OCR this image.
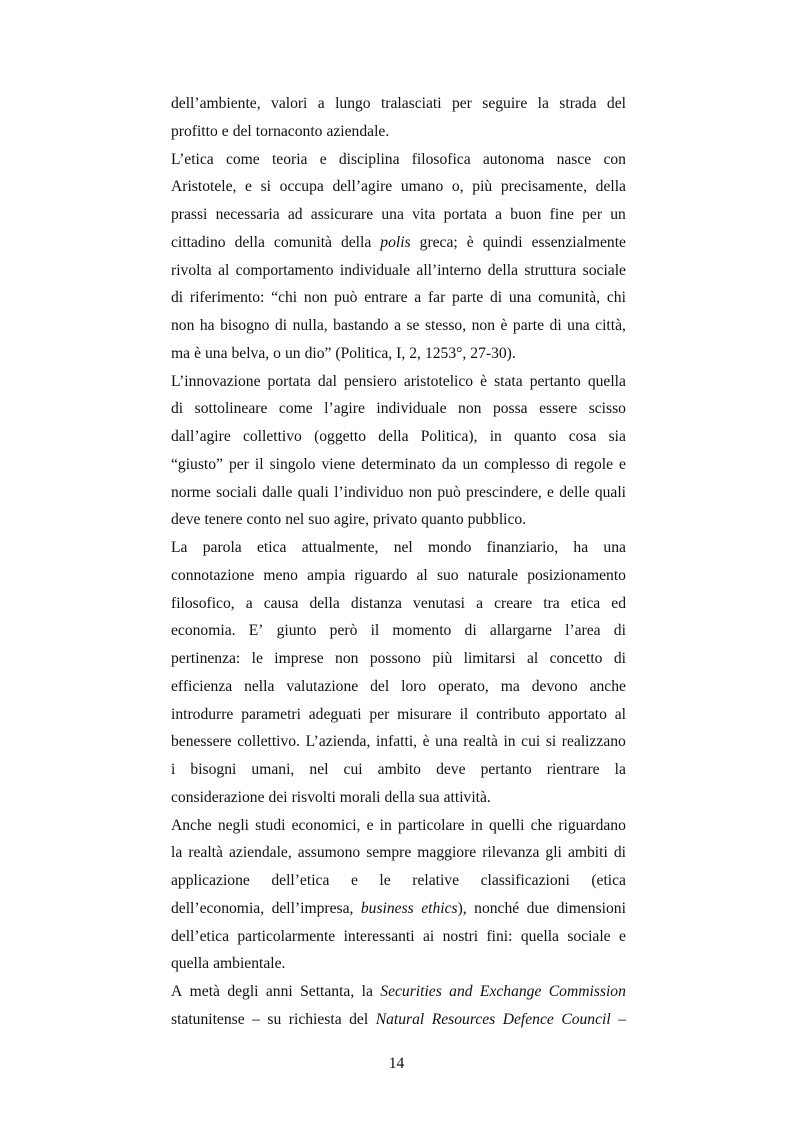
dell’ambiente, valori a lungo tralasciati per seguire la strada del
profitto e del tornaconto aziendale.
L’etica come teoria e disciplina filosofica autonoma nasce con
Aristotele, e si occupa dell’agire umano o, più precisamente, della
prassi necessaria ad assicurare una vita portata a buon fine per un
cittadino della comunità della polis greca; è quindi essenzialmente
rivolta al comportamento individuale all’interno della struttura sociale
di riferimento: “chi non può entrare a far parte di una comunità, chi
non ha bisogno di nulla, bastando a se stesso, non è parte di una città,
ma è una belva, o un dio” (Politica, I, 2, 1253°, 27-30).
L’innovazione portata dal pensiero aristotelico è stata pertanto quella
di sottolineare come l’agire individuale non possa essere scisso
dall’agire collettivo (oggetto della Politica), in quanto cosa sia
“giusto” per il singolo viene determinato da un complesso di regole e
norme sociali dalle quali l’individuo non può prescindere, e delle quali
deve tenere conto nel suo agire, privato quanto pubblico.
La parola etica attualmente, nel mondo finanziario, ha una
connotazione meno ampia riguardo al suo naturale posizionamento
filosofico, a causa della distanza venutasi a creare tra etica ed
economia. E’ giunto però il momento di allargarne l’area di
pertinenza: le imprese non possono più limitarsi al concetto di
efficienza nella valutazione del loro operato, ma devono anche
introdurre parametri adeguati per misurare il contributo apportato al
benessere collettivo. L’azienda, infatti, è una realtà in cui si realizzano
i bisogni umani, nel cui ambito deve pertanto rientrare la
considerazione dei risvolti morali della sua attività.
Anche negli studi economici, e in particolare in quelli che riguardano
la realtà aziendale, assumono sempre maggiore rilevanza gli ambiti di
applicazione dell’etica e le relative classificazioni (etica
dell’economia, dell’impresa, business ethics), nonché due dimensioni
dell’etica particolarmente interessanti ai nostri fini: quella sociale e
quella ambientale.
A metà degli anni Settanta, la Securities and Exchange Commission
statunitense – su richiesta del Natural Resources Defence Council –
14
